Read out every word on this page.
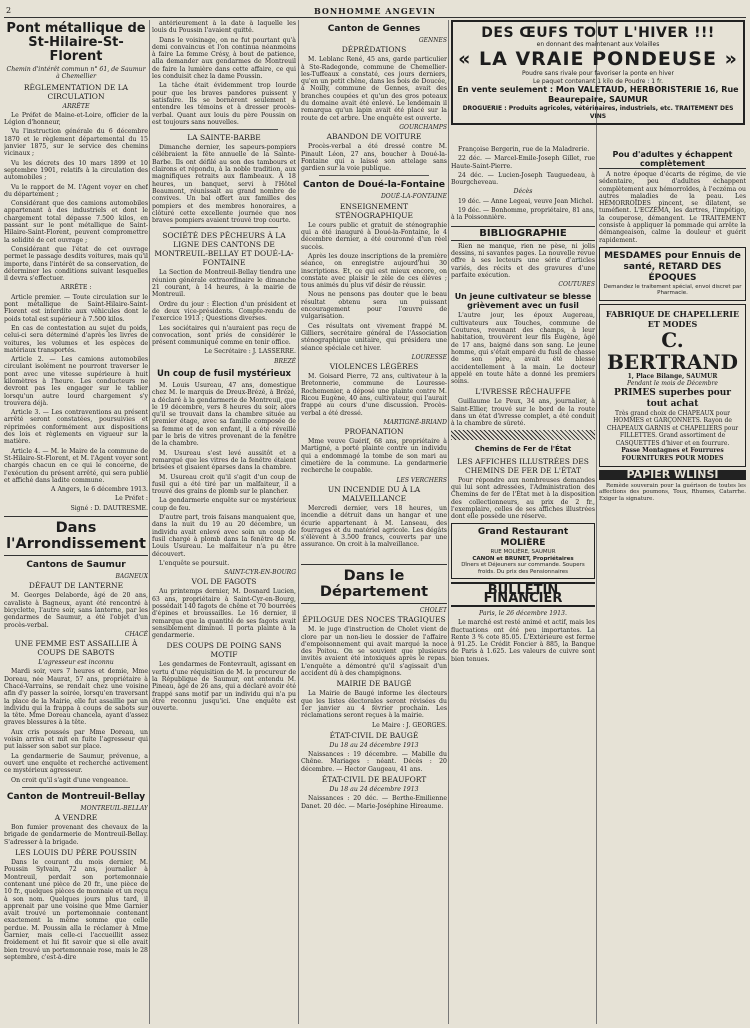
2	BONHOMME ANGEVIN
Pont métallique de St-Hilaire-St-Florent

Chemin d'intérêt commun n° 61, de Saumur à Chemellier

RÈGLEMENTATION DE LA CIRCULATION

ARRÊTE

Le Préfet de Maine-et-Loire, officier de la Légion d'honneur,

Vu l'instruction générale du 6 décembre 1870 et le règlement départemental du 15 janvier 1875, sur le service des chemins vicinaux ;

Vu les décrets des 10 mars 1899 et 10 septembre 1901, relatifs à la circulation des automobiles ;

Vu le rapport de M. l'Agent voyer en chef du département ;

Considérant que des camions automobiles appartenant à des industriels et dont le chargement total dépasse 7.500 kilos, en passant sur le pont métallique de Saint-Hilaire-Saint-Florent, peuvent compromettre la solidité de cet ouvrage ;

Considérant que l'état de cet ouvrage permet le passage desdits voitures, mais qu'il importe, dans l'intérêt de sa conservation, de déterminer les conditions suivant lesquelles il devra s'effectuer.

ARRÊTE :

Article premier. — Toute circulation sur le pont métallique de Saint-Hilaire-Saint-Florent est interdite aux véhicules dont le poids total est supérieur à 7.500 kilos.

En cas de contestation au sujet du poids, celui-ci sera déterminé d'après les livres de voitures, les volumes et les espèces de matériaux transportés.

Article 2. — Les camions automobiles circulant isolément ne pourront traverser le pont avec une vitesse supérieure à huit kilomètres à l'heure. Les conducteurs ne devront pas les engager sur le tablier lorsqu'un autre lourd chargement s'y trouvera déjà.

Article 3. — Les contraventions au présent arrêté seront constatées, poursuivies et réprimées conformément aux dispositions des lois et règlements en vigueur sur la matière.

Article 4. — M. le Maire de la commune de St-Hilaire-St-Florent, et M. l'Agent voyer sont chargés chacun en ce qui le concerne, de l'exécution du présent arrêté, qui sera publié et affiché dans ladite commune.

A Angers, le 6 décembre 1913.

Le Préfet :

Signé : D. DAUTRESME.

Dans l'Arrondissement
Cantons de Saumur
BAGNEUX
DÉFAUT DE LANTERNE

M. Georges Delaborde, âgé de 20 ans, cavaliste à Bagneux, ayant été rencontré à bicyclette, l'autre soir, sans lanterne, par les gendarmes de Saumur, a été l'objet d'un procès-verbal.

CHACÉ
UNE FEMME EST ASSAILLIE À COUPS DE SABOTS

L'agresseur est inconnu

Mardi soir, vers 7 heures et demie, Mme Doreau, née Maurat, 57 ans, propriétaire à Chacé-Varrains, se rendait chez une voisine afin d'y passer la soirée, lorsqu'en traversant la place de la Mairie, elle fut assaillie par un individu qui la frappa à coups de sabots sur la tête. Mme Doreau chancela, ayant d'assez graves blessures à la tête.

Aux cris poussés par Mme Doreau, un voisin arriva et mit en fuite l'agresseur qui put laisser son sabot sur place.

La gendarmerie de Saumur, prévenue, a ouvert une enquête et recherche activement ce mystérieux agresseur.

On croit qu'il s'agit d'une vengeance.

Canton de Montreuil-Bellay
MONTREUIL-BELLAY
A VENDRE

Bon fumier provenant des chevaux de la brigade de gendarmerie de Montreuil-Bellay. S'adresser à la brigade.

LES LOUIS DU PÈRE POUSSIN

Dans le courant du mois dernier, M. Poussin Sylvain, 72 ans, journalier à Montreuil, perdait son portemonnaie contenant une pièce de 20 fr., une pièce de 10 fr., quelques pièces de monnaie et un reçu à son nom. Quelques jours plus tard, il apprenait par une voisine que Mme Garnier avait trouvé un portemonnaie contenant exactement la même somme que celle perdue. M. Poussin alla le réclamer à Mme Garnier, mais celle-ci l'accueillit assez froidement et lui fit savoir que si elle avait bien trouvé un portemonnaie rose, mais le 28 septembre, c'est-à-dire

antérieurement à la date à laquelle les louis du Poussin l'avaient quitté.

Dans le voisinage, on ne fut pourtant qu'à demi convaincus et l'on continua néanmoins à faire La femme Crésy, à bout de patience, alla demander aux gendarmes de Montreuil de faire la lumière dans cette affaire, ce qui les conduisit chez la dame Poussin.

La tâche était évidemment trop lourde pour que les braves pandores puissent y satisfaire. Ils se bornèrent seulement à entendre les témoins et à dresser procès-verbal. Quant aux louis du père Poussin on est toujours sans nouvelles.

LA SAINTE-BARBE

Dimanche dernier, les sapeurs-pompiers célébraient la fête annuelle de la Sainte-Barbe. Ils ont défilé au son des tambours et clairons et répondu, à la noble tradition, aux magnifiques retraits aux flambeaux. À 18 heures, un banquet, servi à l'Hôtel Beaumont, réunissait au grand nombre de convives. Un bal offert aux familles des pompiers et des membres honoraires, a clôturé cette excellente journée que nos braves pompiers avaient trouvé trop courte.

SOCIÉTÉ DES PÊCHEURS À LA LIGNE DES CANTONS DE MONTREUIL-BELLAY ET DOUÉ-LA-FONTAINE

La Section de Montreuil-Bellay tiendra une réunion générale extraordinaire le dimanche 21 courant, à 14 heures, à la mairie de Montreuil.

Ordre du jour : Élection d'un président et de deux vice-présidents. Compte-rendu de l'exercice 1913 ; Questions diverses.

Les sociétaires qui n'auraient pas reçu de convocation, sont priés de considérer le présent communiqué comme en tenir office.

Le Secrétaire : J. LASSERRE.

BREZÉ
Un coup de fusil mystérieux

M. Louis Usureau, 47 ans, domestique chez M. le marquis de Dreux-Brézé, à Brézé, a déclaré à la gendarmerie de Montreuil, que le 19 décembre, vers 8 heures du soir, alors qu'il se trouvait dans la chambre située au premier étage, avec sa famille composée de sa femme et de son enfant, il a été réveillé par le bris de vitres provenant de la fenêtre de la chambre.

M. Usureau s'est levé aussitôt et a remarqué que les vitres de la fenêtre étaient brisées et gisaient éparses dans la chambre.

M. Usureau croit qu'il s'agit d'un coup de fusil qui a été tiré par un malfaiteur, il a trouvé des grains de plomb sur le plancher.

La gendarmerie enquête sur ce mystérieux coup de feu.

D'autre part, trois faisans manquaient que, dans la nuit du 19 au 20 décembre, un individu avait enlevé avec soin un coup de fusil chargé à plomb dans la fenêtre de M. Louis Usureau. Le malfaiteur n'a pu être découvert.

L'enquête se poursuit.

SAINT-CYR-EN-BOURG
VOL DE FAGOTS

Au printemps dernier, M. Dosnard Lucien, 63 ans, propriétaire à Saint-Cyr-en-Bourg, possédait 140 fagots de chêne et 70 bourrées d'épines et broussailles. Le 16 dernier, il remarqua que la quantité de ses fagots avait sensiblement diminué. Il porta plainte à la gendarmerie.

DES COUPS DE POING SANS MOTIF

Les gendarmes de Fontevrault, agissant en vertu d'une réquisition de M. le procureur de la République de Saumur, ont entendu M. Pineau, âgé de 26 ans, qui a déclaré avoir été frappé sans motif par un individu qui n'a pu être reconnu jusqu'ici. Une enquête est ouverte.

Canton de Gennes
GENNES
DÉPRÉDATIONS

M. Leblanc René, 45 ans, garde particulier à Ste-Radegonde, commune de Chemellier-les-Tuffeaux a constaté, ces jours derniers, qu'en un petit chêne, dans les bois de Doucée, à Noilly, commune de Gennes, avait des branches coupées et qu'un des gros poteaux du domaine avait été enlevé. Le lendemain il remarqua qu'un lapin avait été placé sur la route de cet arbre. Une enquête est ouverte.

GOURCHAMPS
ABANDON DE VOITURE

Procès-verbal a été dressé contre M. Pinault Léon, 27 ans, boucher à Doué-la-Fontaine qui a laissé son attelage sans gardien sur la voie publique.

Canton de Doué-la-Fontaine
DOUÉ-LA-FONTAINE
ENSEIGNEMENT STÉNOGRAPHIQUE

Le cours public et gratuit de sténographie qui a été inauguré à Doué-la-Fontaine, le 4 décembre dernier, a été couronné d'un réel succès.

Après les douze inscriptions de la première séance, on enregistre aujourd'hui 30 inscriptions. Et, ce qui est mieux encore, on constate avec plaisir le zèle de ces élèves ; tous animés du plus vif désir de réussir.

Nous ne pensons pas douter que le beau résultat obtenu sera un puissant encouragement pour l'œuvre de vulgarisation.

Ces résultats ont vivement frappé M. Gilliers, secrétaire général de l'Association sténographique unitaire, qui présidera une séance spéciale cet hiver.

LOURESSE
VIOLENCES LÉGÈRES

M. Goisard Pierre, 72 ans, cultivateur à la Bretonnerie, commune de Louresse-Rochemenier, a déposé une plainte contre M. Ricou Eugène, 40 ans, cultivateur, qui l'aurait frappé au cours d'une discussion. Procès-verbal a été dressé.

MARTIGNÉ-BRIAND
PROFANATION

Mme veuve Guérif, 68 ans, propriétaire à Martigné, a porté plainte contre un individu qui a endommagé la tombe de son mari au cimetière de la commune. La gendarmerie recherche le coupable.

LES VERCHERS
UN INCENDIE DU À LA MALVEILLANCE

Mercredi dernier, vers 18 heures, un incendie a détruit dans un hangar et une écurie appartenant à M. Lanseau, des fourrages et du matériel agricole. Les dégâts s'élèvent à 3.500 francs, couverts par une assurance. On croit à la malveillance.

DES ŒUFS TOUT L'HIVER !!!
en donnant des maintenant aux Volailles
« LA VRAIE PONDEUSE »
Poudre sans rivale pour favoriser la ponte en hiver
Le paquet contenant 1 kilo de Poudre : 1 fr.
En vente seulement : Mon VALETAUD, HERBORISTERIE 16, Rue Beaurepaire, SAUMUR
DROGUERIE : Produits agricoles, vétérinaires, industriels, etc. TRAITEMENT DES VINS

Françoise Bergerin, rue de la Maladrerie.

22 déc. — Marcel-Emile-Joseph Gillet, rue Haute-Saint-Pierre.

24 déc. — Lucien-Joseph Tauguedeau, à Bourgcheveau.

Décès

19 déc. — Anne Legeai, veuve Jean Michel.

19 déc. — Bonhomme, propriétaire, 81 ans, à la Poissonnière.

BIBLIOGRAPHIE

Rien ne manque, rien ne pèse, ni jolis dessins, ni savantes pages. La nouvelle revue offre à ses lecteurs une série d'articles variés, des récits et des gravures d'une parfaite exécution.

COUTURES
Un jeune cultivateur se blesse grièvement avec un fusil

L'autre jour, les époux Augereau, cultivateurs aux Touches, commune de Coutures, revenant des champs, à leur habitation, trouvèrent leur fils Eugène, âgé de 17 ans, baigné dans son sang. Le jeune homme, qui s'était emparé du fusil de chasse de son père, avait été blessé accidentellement à la main. Le docteur appelé en toute hâte a donné les premiers soins.

L'IVRESSE RÉCHAUFFE

Guillaume Le Peux, 34 ans, journalier, à Saint-Ellier, trouvé sur le bord de la route dans un état d'ivresse complet, a été conduit à la chambre de sûreté.

Chemins de Fer de l'État
LES AFFICHES ILLUSTRÉES DES CHEMINS DE FER DE L'ÉTAT

Pour répondre aux nombreuses demandes qui lui sont adressées, l'Administration des Chemins de fer de l'État met à la disposition des collectionneurs, au prix de 2 fr., l'exemplaire, celles de ses affiches illustrées dont elle possède une réserve.

Grand Restaurant MOLIÈRE
RUE MOLIÈRE, SAUMUR
CANON et BRUNET, Propriétaires
Dîners et Déjeuners sur commande. Soupers froids. Du prix des Pensionnaires
BULLETIN FINANCIER

Paris, le 26 décembre 1913.

Le marché est resté animé et actif, mais les fluctuations ont été peu importantes. La Rente 3 % cote 85.05. L'Extérieure est ferme à 91.25. Le Crédit Foncier à 885, la Banque de Paris à 1.625. Les valeurs de cuivre sont bien tenues.

Dans le Département
CHOLET
ÉPILOGUE DES NOCES TRAGIQUES

M. le juge d'instruction de Cholet vient de clore par un non-lieu le dossier de l'affaire d'empoisonnement qui avait marqué la noce des Poitou. On se souvient que plusieurs invités avaient été intoxiqués après le repas. L'enquête a démontré qu'il s'agissait d'un accident dû à des champignons.

MAIRIE DE BAUGÉ

La Mairie de Baugé informe les électeurs que les listes électorales seront révisées du 1er janvier au 4 février prochain. Les réclamations seront reçues à la mairie.

Le Maire : J. GEORGES.

ÉTAT-CIVIL DE BAUGÉ

Du 18 au 24 décembre 1913

Naissances : 19 décembre. — Mabille du Chêne. Mariages : néant. Décès : 20 décembre. — Hector Gaugeau, 41 ans.

ÉTAT-CIVIL DE BEAUFORT

Du 18 au 24 décembre 1913

Naissances : 20 déc. — Berthe-Emilienne Danet. 20 déc. — Marie-Joséphine Hireaume.

Pou d'adultes y échappent complètement

A notre époque d'écarts de régime, de vie sédentaire, peu d'adultes échappent complètement aux hémorroïdes, à l'eczéma ou autres maladies de la peau. Les HÉMORROÏDES pincent, se dilatent, se tuméfient. L'ECZÉMA, les dartres, l'impétigo, la couperose, démangent. Le TRAITEMENT consiste à appliquer la pommade qui arrête la démangeaison, calme la douleur et guérit rapidement.

MESDAMES pour Ennuis de santé, RETARD DES ÉPOQUES
Demandez le traitement spécial, envoi discret par Pharmacie.
FABRIQUE DE CHAPELLERIE ET MODES
C. BERTRAND
1, Place Bilange, SAUMUR
Pendant le mois de Décembre
PRIMES superbes pour tout achat
Très grand choix de CHAPEAUX pour HOMMES et GARÇONNETS. Rayon de CHAPEAUX GARNIS et CHAPELIERS pour FILLETTES. Grand assortiment de CASQUETTES d'hiver et en fourrure.
Passe Montagnes et Fourrures
FOURNITURES POUR MODES
PAPIER WLINSI

Remède souverain pour la guérison de toutes les affections des poumons, Toux, Rhumes, Catarrhe. Exiger la signature.
